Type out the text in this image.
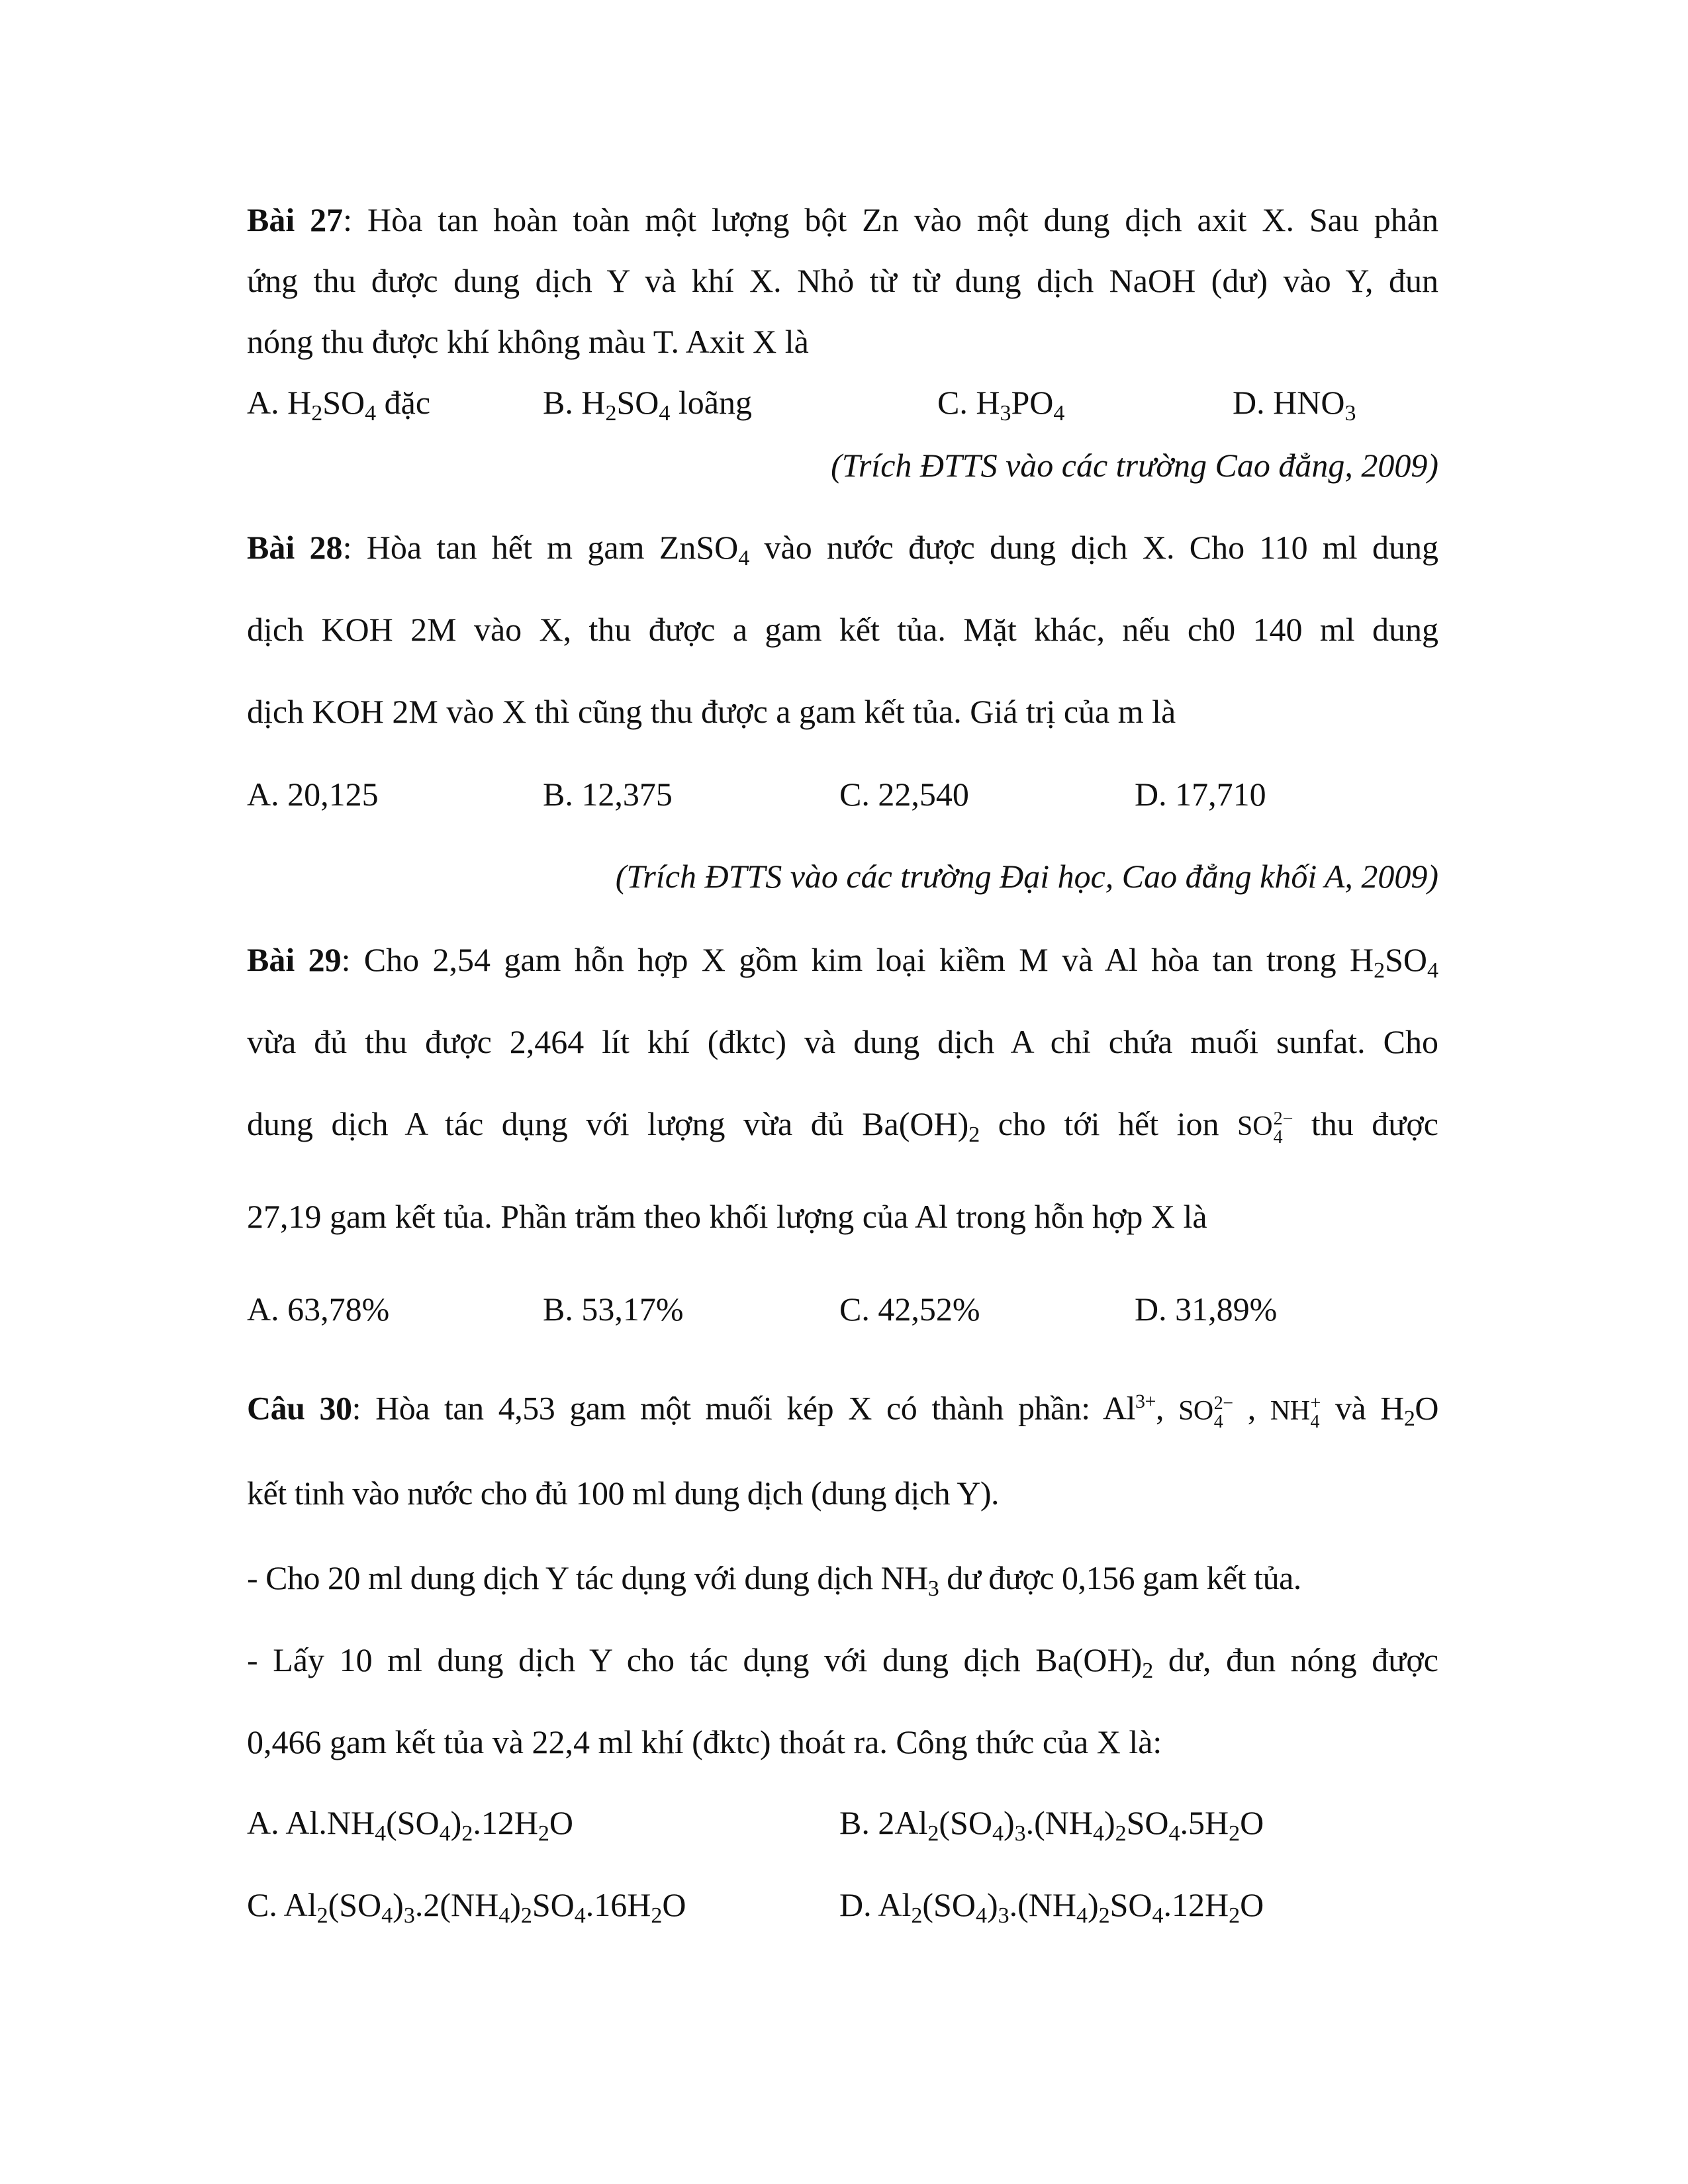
Bài 27: Hòa tan hoàn toàn một lượng bột Zn vào một dung dịch axit X. Sau phản
ứng thu được dung dịch Y và khí X. Nhỏ từ từ dung dịch NaOH (dư) vào Y, đun
nóng thu được khí không màu T. Axit X là
A. $H_2SO_4$ đặc	B. $H_2SO_4$ loãng	C. $H_3PO_4$	D. $HNO_3$
(Trích ĐTTS vào các trường Cao đẳng, 2009)
Bài 28: Hòa tan hết m gam ZnSO$_4$ vào nước được dung dịch X. Cho 110 ml dung
dịch KOH 2M vào X, thu được a gam kết tủa. Mặt khác, nếu ch0 140 ml dung
dịch KOH 2M vào X thì cũng thu được a gam kết tủa. Giá trị của m là
A. 20,125	B. 12,375	C. 22,540	D. 17,710
(Trích ĐTTS vào các trường Đại học, Cao đẳng khối A, 2009)
Bài 29: Cho 2,54 gam hỗn hợp X gồm kim loại kiềm M và Al hòa tan trong $H_2SO_4$
vừa đủ thu được 2,464 lít khí (đktc) và dung dịch A chỉ chứa muối sunfat. Cho
dung dịch A tác dụng với lượng vừa đủ $Ba(OH)_2$ cho tới hết ion SO 2−
4 thu được
27,19 gam kết tủa. Phần trăm theo khối lượng của Al trong hỗn hợp X là
A. 63,78%	B. 53,17%	C. 42,52%	D. 31,89%
Câu 30: Hòa tan 4,53 gam một muối kép X có thành phần: $Al^{3+}$, SO 2−
4 , NH +
4 và $H_2O$
kết tinh vào nước cho đủ 100 ml dung dịch (dung dịch Y).
- Cho 20 ml dung dịch Y tác dụng với dung dịch $NH_3$ dư được 0,156 gam kết tủa.
- Lấy 10 ml dung dịch Y cho tác dụng với dung dịch $Ba(OH)_2$ dư, đun nóng được
0,466 gam kết tủa và 22,4 ml khí (đktc) thoát ra. Công thức của X là:
A. $Al.NH_4(SO_4)_2.12H_2O$	B. $2Al_2(SO_4)_3.(NH_4)_2SO_4.5H_2O$
C. $Al_2(SO_4)_3.2(NH_4)_2SO_4.16H_2O$	D. $Al_2(SO_4)_3.(NH_4)_2SO_4.12H_2O$
